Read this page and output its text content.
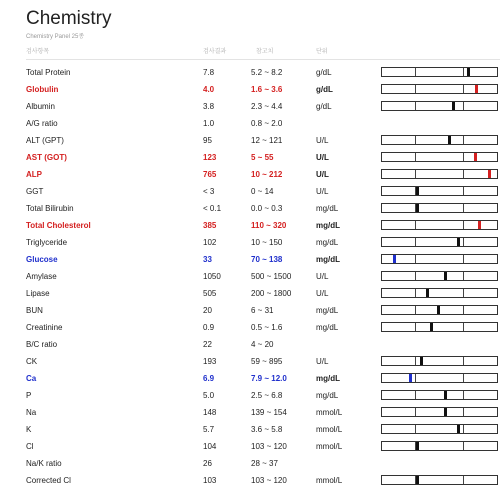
Chemistry
Chemistry Panel 25종
검사항목	검사결과	참고치	단위
Total Protein	7.8	5.2 ~ 8.2	g/dL
Globulin	4.0	1.6 ~ 3.6	g/dL
Albumin	3.8	2.3 ~ 4.4	g/dL
A/G ratio	1.0	0.8 ~ 2.0
ALT (GPT)	95	12 ~ 121	U/L
AST (GOT)	123	5 ~ 55	U/L
ALP	765	10 ~ 212	U/L
GGT	< 3	0 ~ 14	U/L
Total Bilirubin	< 0.1	0.0 ~ 0.3	mg/dL
Total Cholesterol	385	110 ~ 320	mg/dL
Triglyceride	102	10 ~ 150	mg/dL
Glucose	33	70 ~ 138	mg/dL
Amylase	1050	500 ~ 1500	U/L
Lipase	505	200 ~ 1800	U/L
BUN	20	6 ~ 31	mg/dL
Creatinine	0.9	0.5 ~ 1.6	mg/dL
B/C ratio	22	4 ~ 20
CK	193	59 ~ 895	U/L
Ca	6.9	7.9 ~ 12.0	mg/dL
P	5.0	2.5 ~ 6.8	mg/dL
Na	148	139 ~ 154	mmol/L
K	5.7	3.6 ~ 5.8	mmol/L
Cl	104	103 ~ 120	mmol/L
Na/K ratio	26	28 ~ 37
Corrected Cl	103	103 ~ 120	mmol/L
